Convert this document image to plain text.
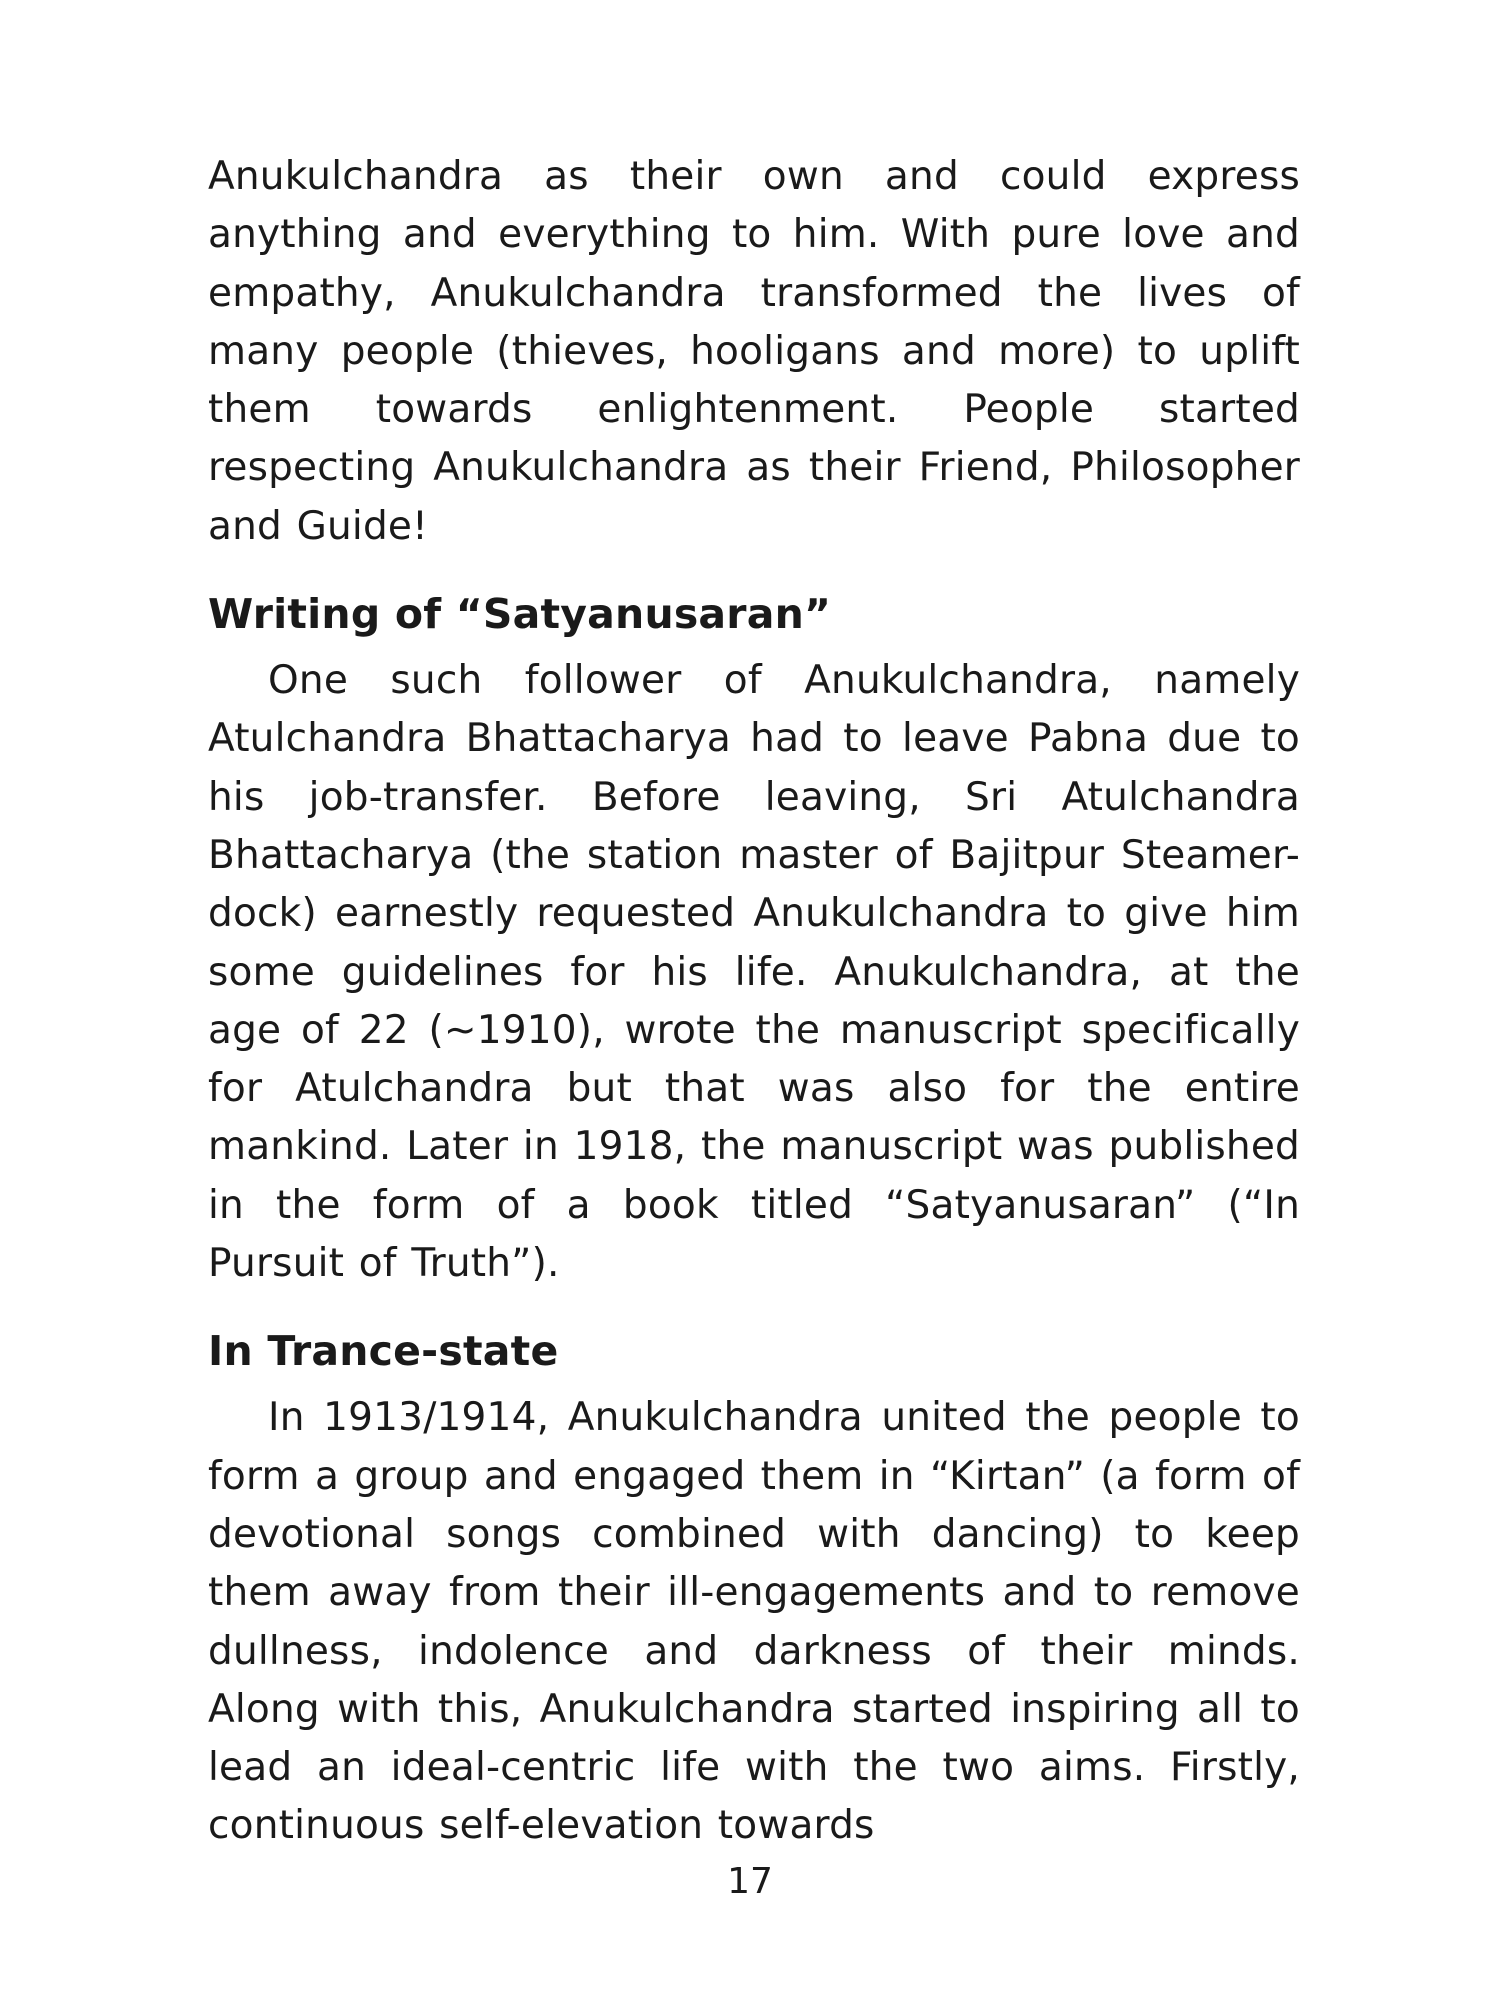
Anukulchandra as their own and could express anything and everything to him. With pure love and empathy, Anukulchandra transformed the lives of many people (thieves, hooligans and more) to uplift them towards enlightenment. People started respecting Anukulchandra as their Friend, Philosopher and Guide!

Writing of “Satyanusaran”

One such follower of Anukulchandra, namely Atulchandra Bhattacharya had to leave Pabna due to his job-transfer. Before leaving, Sri Atulchandra Bhattacharya (the station master of Bajitpur Steamer-dock) earnestly requested Anukulchandra to give him some guidelines for his life. Anukulchandra, at the age of 22 (~1910), wrote the manuscript specifically for Atulchandra but that was also for the entire mankind. Later in 1918, the manuscript was published in the form of a book titled “Satyanusaran” (“In Pursuit of Truth”).

In Trance-state

In 1913/1914, Anukulchandra united the people to form a group and engaged them in “Kirtan” (a form of devotional songs combined with dancing) to keep them away from their ill-engagements and to remove dullness, indolence and darkness of their minds. Along with this, Anukulchandra started inspiring all to lead an ideal-centric life with the two aims. Firstly, continuous self-elevation towards

17
